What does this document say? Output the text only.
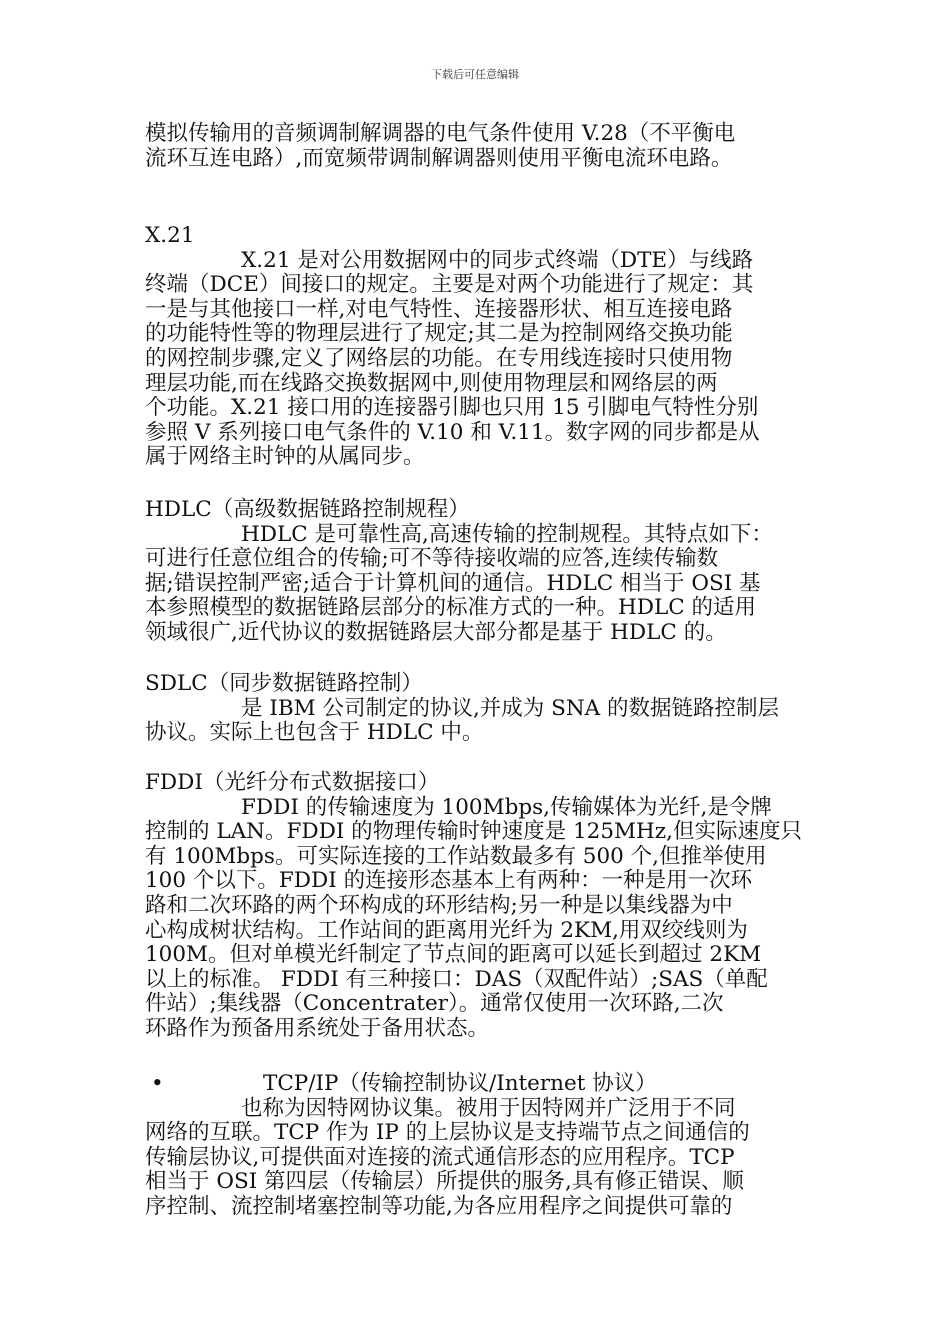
下载后可任意编辑

模拟传输用的音频调制解调器的电气条件使用 V.28（不平衡电

流环互连电路）,而宽频带调制解调器则使用平衡电流环电路。

X.21

X.21 是对公用数据网中的同步式终端（DTE）与线路

终端（DCE）间接口的规定。主要是对两个功能进行了规定：其

一是与其他接口一样,对电气特性、连接器形状、相互连接电路

的功能特性等的物理层进行了规定;其二是为控制网络交换功能

的网控制步骤,定义了网络层的功能。在专用线连接时只使用物

理层功能,而在线路交换数据网中,则使用物理层和网络层的两

个功能。X.21 接口用的连接器引脚也只用 15 引脚电气特性分别

参照 V 系列接口电气条件的 V.10 和 V.11。数字网的同步都是从

属于网络主时钟的从属同步。

HDLC（高级数据链路控制规程）

HDLC 是可靠性高,高速传输的控制规程。其特点如下：

可进行任意位组合的传输;可不等待接收端的应答,连续传输数

据;错误控制严密;适合于计算机间的通信。HDLC 相当于 OSI 基

本参照模型的数据链路层部分的标准方式的一种。HDLC 的适用

领域很广,近代协议的数据链路层大部分都是基于 HDLC 的。

SDLC（同步数据链路控制）

是 IBM 公司制定的协议,并成为 SNA 的数据链路控制层

协议。实际上也包含于 HDLC 中。

FDDI（光纤分布式数据接口）

FDDI 的传输速度为 100Mbps,传输媒体为光纤,是令牌

控制的 LAN。FDDI 的物理传输时钟速度是 125MHz,但实际速度只

有 100Mbps。可实际连接的工作站数最多有 500 个,但推举使用

100 个以下。FDDI 的连接形态基本上有两种：一种是用一次环

路和二次环路的两个环构成的环形结构;另一种是以集线器为中

心构成树状结构。工作站间的距离用光纤为 2KM,用双绞线则为

100M。但对单模光纤制定了节点间的距离可以延长到超过 2KM

以上的标准。 FDDI 有三种接口：DAS（双配件站）;SAS（单配

件站）;集线器（Concentrater）。通常仅使用一次环路,二次

环路作为预备用系统处于备用状态。

•	TCP/IP（传输控制协议/Internet 协议）

也称为因特网协议集。被用于因特网并广泛用于不同

网络的互联。TCP 作为 IP 的上层协议是支持端节点之间通信的

传输层协议,可提供面对连接的流式通信形态的应用程序。TCP

相当于 OSI 第四层（传输层）所提供的服务,具有修正错误、顺

序控制、流控制堵塞控制等功能,为各应用程序之间提供可靠的
